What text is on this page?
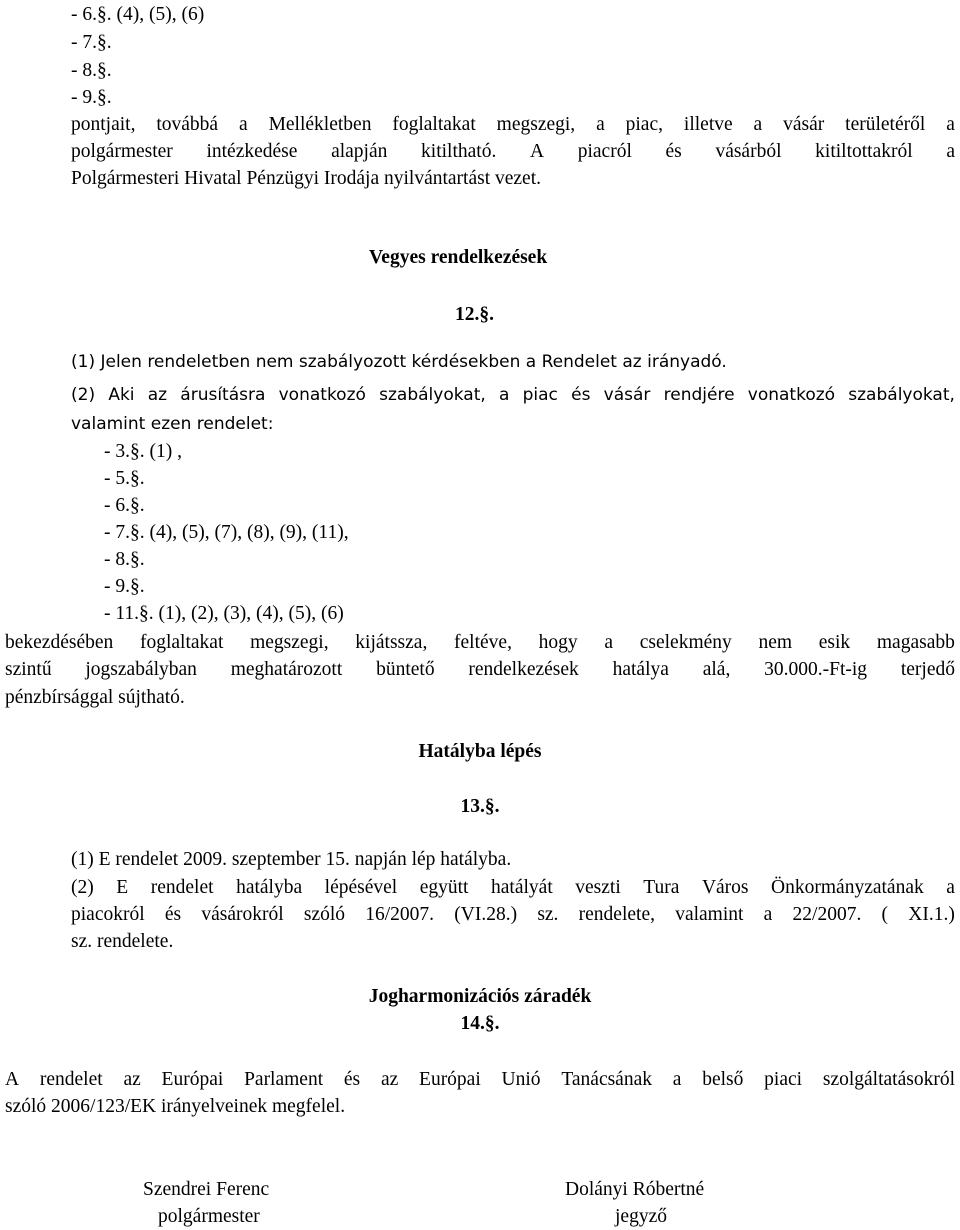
- 6.§. (4), (5), (6)
- 7.§.
- 8.§.
- 9.§.
pontjait, továbbá a Mellékletben foglaltakat megszegi, a piac, illetve a vásár területéről a
polgármester intézkedése alapján kitiltható. A piacról és vásárból kitiltottakról a
Polgármesteri Hivatal Pénzügyi Irodája nyilvántartást vezet.
Vegyes rendelkezések
12.§.
(1) Jelen rendeletben nem szabályozott kérdésekben a Rendelet az irányadó.
(2) Aki az árusításra vonatkozó szabályokat, a piac és vásár rendjére vonatkozó szabályokat,
valamint ezen rendelet:
- 3.§. (1) ,
- 5.§.
- 6.§.
- 7.§. (4), (5), (7), (8), (9), (11),
- 8.§.
- 9.§.
- 11.§. (1), (2), (3), (4), (5), (6)
bekezdésében foglaltakat megszegi, kijátssza, feltéve, hogy a cselekmény nem esik magasabb
szintű jogszabályban meghatározott büntető rendelkezések hatálya alá, 30.000.-Ft-ig terjedő
pénzbírsággal sújtható.
Hatályba lépés
13.§.
(1) E rendelet 2009. szeptember 15. napján lép hatályba.
(2) E rendelet hatályba lépésével együtt hatályát veszti Tura Város Önkormányzatának a
piacokról és vásárokról szóló 16/2007. (VI.28.) sz. rendelete, valamint a 22/2007. ( XI.1.)
sz. rendelete.
Jogharmonizációs záradék
14.§.
A rendelet az Európai Parlament és az Európai Unió Tanácsának a belső piaci szolgáltatásokról
szóló 2006/123/EK irányelveinek megfelel.
Szendrei Ferenc
polgármester
Dolányi Róbertné
jegyző
